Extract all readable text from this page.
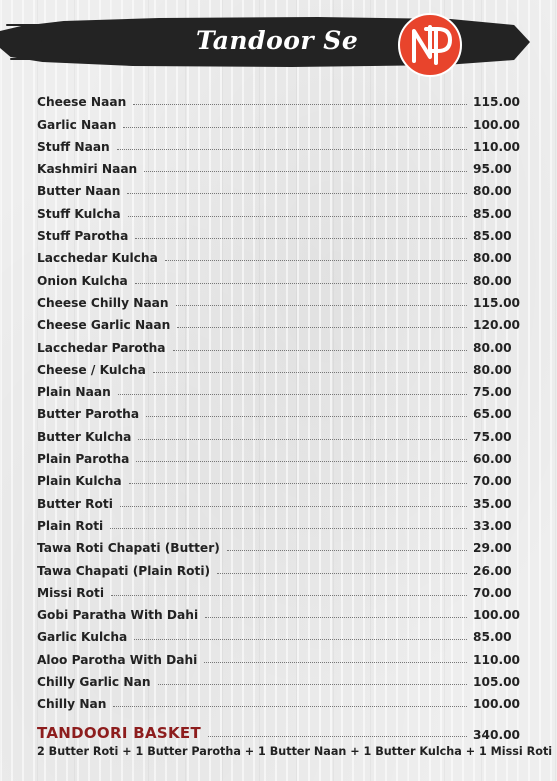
Tandoor Se
Cheese Naan	115.00
Garlic Naan	100.00
Stuff Naan	110.00
Kashmiri Naan	95.00
Butter Naan	80.00
Stuff Kulcha	85.00
Stuff Parotha	85.00
Lacchedar Kulcha	80.00
Onion Kulcha	80.00
Cheese Chilly Naan	115.00
Cheese Garlic Naan	120.00
Lacchedar Parotha	80.00
Cheese / Kulcha	80.00
Plain Naan	75.00
Butter Parotha	65.00
Butter Kulcha	75.00
Plain Parotha	60.00
Plain Kulcha	70.00
Butter Roti	35.00
Plain Roti	33.00
Tawa Roti Chapati (Butter)	29.00
Tawa Chapati (Plain Roti)	26.00
Missi Roti	70.00
Gobi Paratha With Dahi	100.00
Garlic Kulcha	85.00
Aloo Parotha With Dahi	110.00
Chilly Garlic Nan	105.00
Chilly Nan	100.00
TANDOORI BASKET	340.00
2 Butter Roti + 1 Butter Parotha + 1 Butter Naan + 1 Butter Kulcha + 1 Missi Roti
